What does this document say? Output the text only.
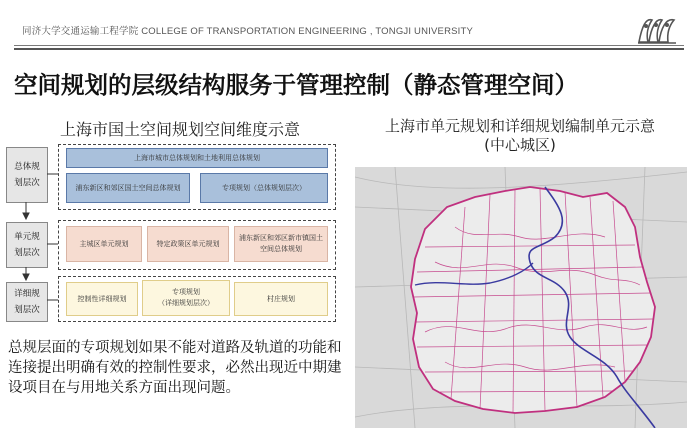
同济大学交通运输工程学院 COLLEGE OF TRANSPORTATION ENGINEERING , TONGJI UNIVERSITY
空间规划的层级结构服务于管理控制（静态管理空间）
上海市国土空间规划空间维度示意	上海市单元规划和详细规划编制单元示意
(中心城区)
总体规划层次
单元规划层次
详细规划层次
上海市城市总体规划和土地利用总体规划
浦东新区和郊区国土空间总体规划	专项规划（总体规划层次）
主城区单元规划	特定政策区单元规划
浦东新区和郊区新市镇国土空间总体规划
控制性详细规划
专项规划
（详细规划层次）
村庄规划
总规层面的专项规划如果不能对道路及轨道的功能和连接提出明确有效的控制性要求，必然出现近中期建设项目在与用地关系方面出现问题。
